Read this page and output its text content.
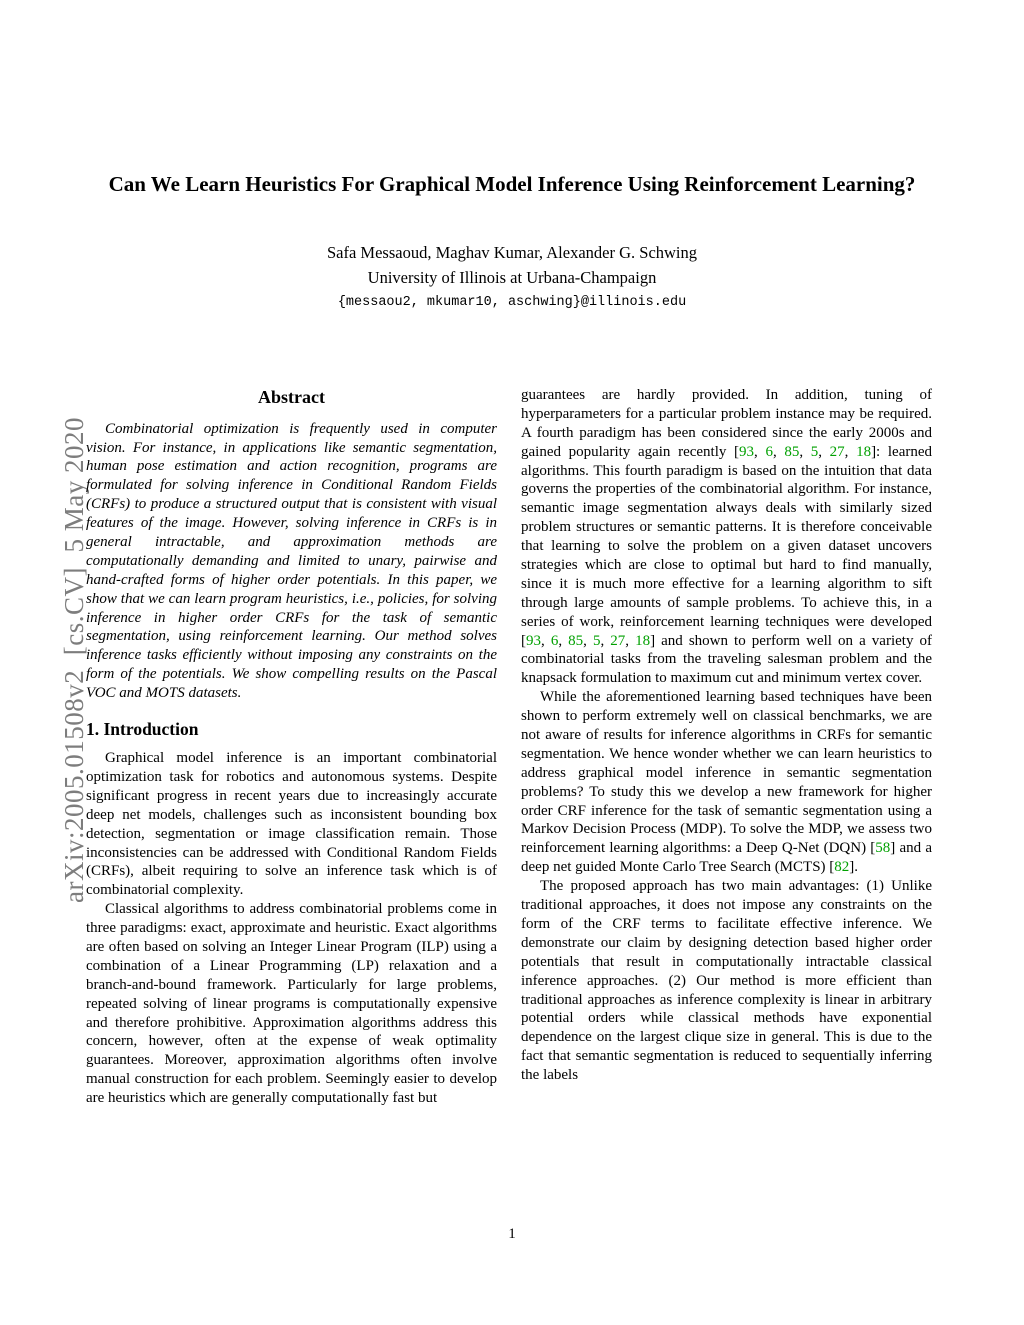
arXiv:2005.01508v2  [cs.CV]  5 May 2020

Can We Learn Heuristics For Graphical Model Inference Using Reinforcement Learning?
Safa Messaoud, Maghav Kumar, Alexander G. Schwing
University of Illinois at Urbana-Champaign
{messaou2, mkumar10, aschwing}@illinois.edu
Abstract

Combinatorial optimization is frequently used in computer vision. For instance, in applications like semantic segmentation, human pose estimation and action recognition, programs are formulated for solving inference in Conditional Random Fields (CRFs) to produce a structured output that is consistent with visual features of the image. However, solving inference in CRFs is in general intractable, and approximation methods are computationally demanding and limited to unary, pairwise and hand-crafted forms of higher order potentials. In this paper, we show that we can learn program heuristics, i.e., policies, for solving inference in higher order CRFs for the task of semantic segmentation, using reinforcement learning. Our method solves inference tasks efficiently without imposing any constraints on the form of the potentials. We show compelling results on the Pascal VOC and MOTS datasets.

1. Introduction

Graphical model inference is an important combinatorial optimization task for robotics and autonomous systems. Despite significant progress in recent years due to increasingly accurate deep net models, challenges such as inconsistent bounding box detection, segmentation or image classification remain. Those inconsistencies can be addressed with Conditional Random Fields (CRFs), albeit requiring to solve an inference task which is of combinatorial complexity.

Classical algorithms to address combinatorial problems come in three paradigms: exact, approximate and heuristic. Exact algorithms are often based on solving an Integer Linear Program (ILP) using a combination of a Linear Programming (LP) relaxation and a branch-and-bound framework. Particularly for large problems, repeated solving of linear programs is computationally expensive and therefore prohibitive. Approximation algorithms address this concern, however, often at the expense of weak optimality guarantees. Moreover, approximation algorithms often involve manual construction for each problem. Seemingly easier to develop are heuristics which are generally computationally fast but

guarantees are hardly provided. In addition, tuning of hyperparameters for a particular problem instance may be required. A fourth paradigm has been considered since the early 2000s and gained popularity again recently [93, 6, 85, 5, 27, 18]: learned algorithms. This fourth paradigm is based on the intuition that data governs the properties of the combinatorial algorithm. For instance, semantic image segmentation always deals with similarly sized problem structures or semantic patterns. It is therefore conceivable that learning to solve the problem on a given dataset uncovers strategies which are close to optimal but hard to find manually, since it is much more effective for a learning algorithm to sift through large amounts of sample problems. To achieve this, in a series of work, reinforcement learning techniques were developed [93, 6, 85, 5, 27, 18] and shown to perform well on a variety of combinatorial tasks from the traveling salesman problem and the knapsack formulation to maximum cut and minimum vertex cover.

While the aforementioned learning based techniques have been shown to perform extremely well on classical benchmarks, we are not aware of results for inference algorithms in CRFs for semantic segmentation. We hence wonder whether we can learn heuristics to address graphical model inference in semantic segmentation problems? To study this we develop a new framework for higher order CRF inference for the task of semantic segmentation using a Markov Decision Process (MDP). To solve the MDP, we assess two reinforcement learning algorithms: a Deep Q-Net (DQN) [58] and a deep net guided Monte Carlo Tree Search (MCTS) [82].

The proposed approach has two main advantages: (1) Unlike traditional approaches, it does not impose any constraints on the form of the CRF terms to facilitate effective inference. We demonstrate our claim by designing detection based higher order potentials that result in computationally intractable classical inference approaches. (2) Our method is more efficient than traditional approaches as inference complexity is linear in arbitrary potential orders while classical methods have exponential dependence on the largest clique size in general. This is due to the fact that semantic segmentation is reduced to sequentially inferring the labels

1
